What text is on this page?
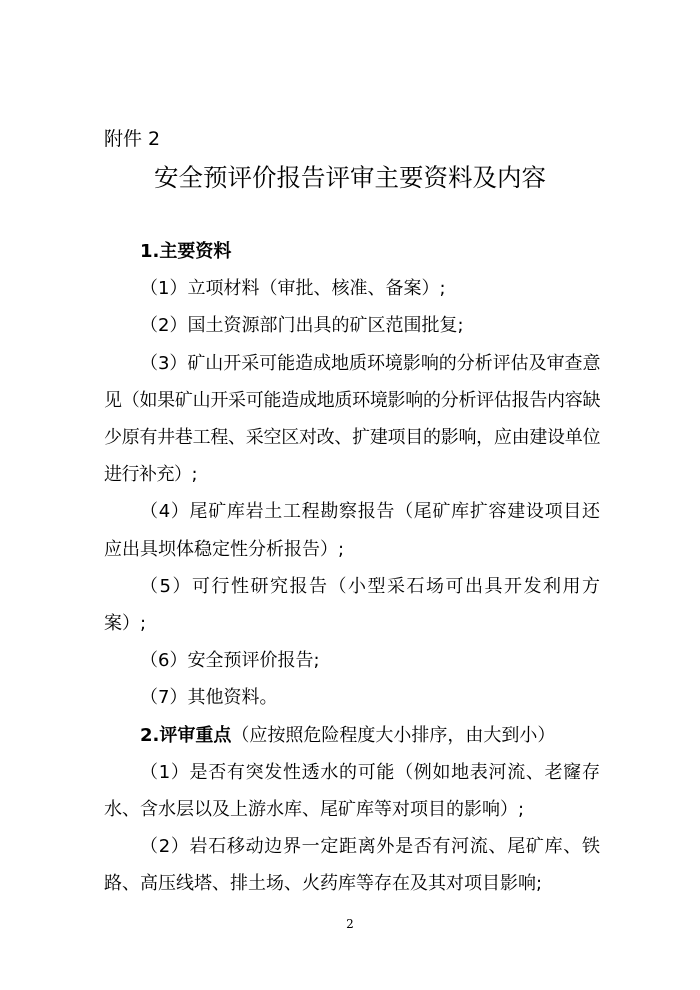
附件 2

安全预评价报告评审主要资料及内容

1.主要资料

（1）立项材料（审批、核准、备案）;

（2）国土资源部门出具的矿区范围批复;

（3）矿山开采可能造成地质环境影响的分析评估及审查意见（如果矿山开采可能造成地质环境影响的分析评估报告内容缺少原有井巷工程、采空区对改、扩建项目的影响，应由建设单位进行补充）;

（4）尾矿库岩土工程勘察报告（尾矿库扩容建设项目还应出具坝体稳定性分析报告）;

（5）可行性研究报告（小型采石场可出具开发利用方案）;

（6）安全预评价报告;

（7）其他资料。

2.评审重点（应按照危险程度大小排序，由大到小）

（1）是否有突发性透水的可能（例如地表河流、老窿存水、含水层以及上游水库、尾矿库等对项目的影响）;

（2）岩石移动边界一定距离外是否有河流、尾矿库、铁路、高压线塔、排土场、火药库等存在及其对项目影响;

2
